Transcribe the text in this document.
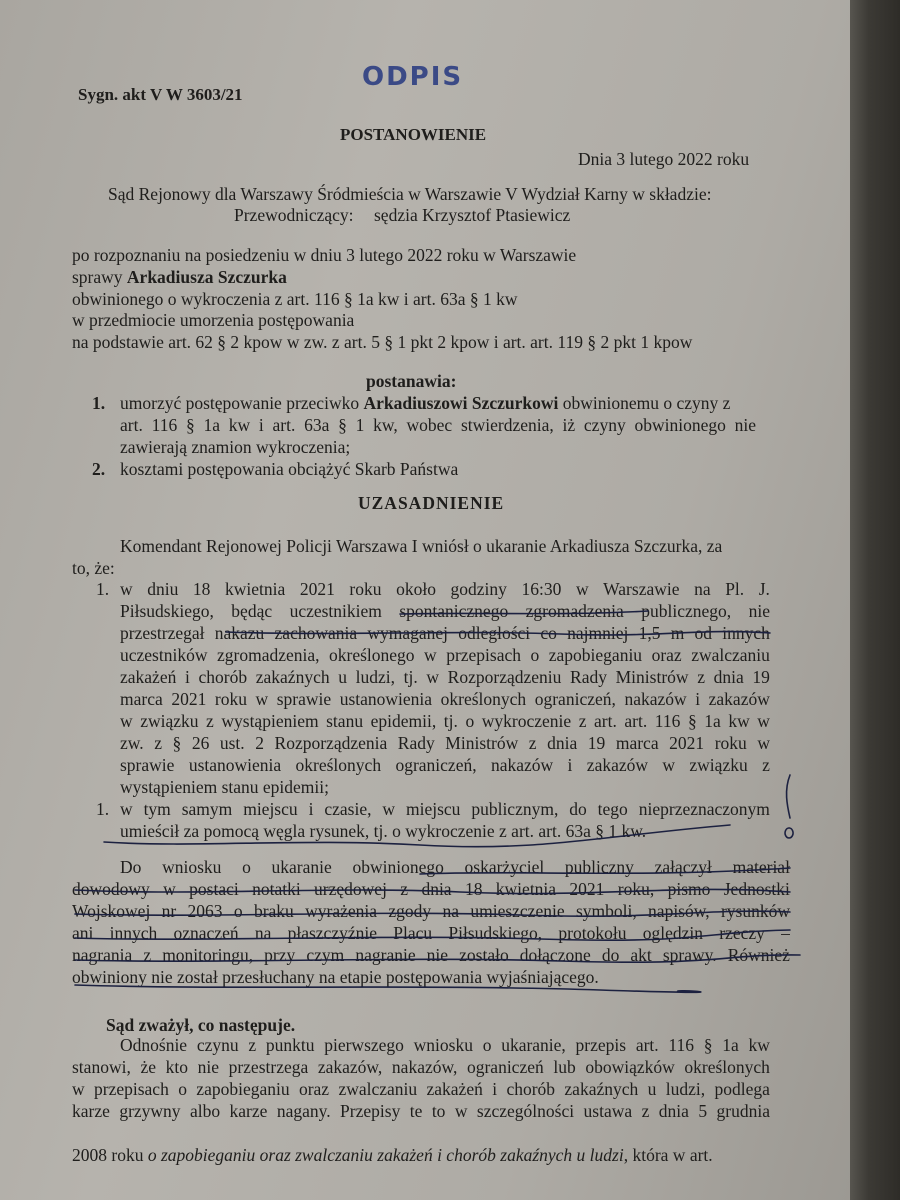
Sygn. akt V W 3603/21
ODPIS
POSTANOWIENIE
Dnia 3 lutego 2022 roku
Sąd Rejonowy dla Warszawy Śródmieścia w Warszawie V Wydział Karny w składzie:
Przewodniczący: sędzia Krzysztof Ptasiewicz
po rozpoznaniu na posiedzeniu w dniu 3 lutego 2022 roku w Warszawie
sprawy Arkadiusza Szczurka
obwinionego o wykroczenia z art. 116 § 1a kw i art. 63a § 1 kw
w przedmiocie umorzenia postępowania
na podstawie art. 62 § 2 kpow w zw. z art. 5 § 1 pkt 2 kpow i art. art. 119 § 2 pkt 1 kpow
postanawia:
1. umorzyć postępowanie przeciwko Arkadiuszowi Szczurkowi obwinionemu o czyny z
art. 116 § 1a kw i art. 63a § 1 kw, wobec stwierdzenia, iż czyny obwinionego nie
zawierają znamion wykroczenia;
2. kosztami postępowania obciążyć Skarb Państwa
UZASADNIENIE
Komendant Rejonowej Policji Warszawa I wniósł o ukaranie Arkadiusza Szczurka, za
to, że:
1. w dniu 18 kwietnia 2021 roku około godziny 16:30 w Warszawie na Pl. J.
Piłsudskiego, będąc uczestnikiem spontanicznego zgromadzenia publicznego, nie
przestrzegał nakazu zachowania wymaganej odległości co najmniej 1,5 m od innych
uczestników zgromadzenia, określonego w przepisach o zapobieganiu oraz zwalczaniu
zakażeń i chorób zakaźnych u ludzi, tj. w Rozporządzeniu Rady Ministrów z dnia 19
marca 2021 roku w sprawie ustanowienia określonych ograniczeń, nakazów i zakazów
w związku z wystąpieniem stanu epidemii, tj. o wykroczenie z art. art. 116 § 1a kw w
zw. z § 26 ust. 2 Rozporządzenia Rady Ministrów z dnia 19 marca 2021 roku w
sprawie ustanowienia określonych ograniczeń, nakazów i zakazów w związku z
wystąpieniem stanu epidemii;
1. w tym samym miejscu i czasie, w miejscu publicznym, do tego nieprzeznaczonym
umieścił za pomocą węgla rysunek, tj. o wykroczenie z art. art. 63a § 1 kw.
Do wniosku o ukaranie obwinionego oskarżyciel publiczny załączył materiał
dowodowy w postaci notatki urzędowej z dnia 18 kwietnia 2021 roku, pismo Jednostki
Wojskowej nr 2063 o braku wyrażenia zgody na umieszczenie symboli, napisów, rysunków
ani innych oznaczeń na płaszczyźnie Placu Piłsudskiego, protokołu oględzin rzeczy –
nagrania z monitoringu, przy czym nagranie nie zostało dołączone do akt sprawy. Również
obwiniony nie został przesłuchany na etapie postępowania wyjaśniającego.
Sąd zważył, co następuje.
Odnośnie czynu z punktu pierwszego wniosku o ukaranie, przepis art. 116 § 1a kw
stanowi, że kto nie przestrzega zakazów, nakazów, ograniczeń lub obowiązków określonych
w przepisach o zapobieganiu oraz zwalczaniu zakażeń i chorób zakaźnych u ludzi, podlega
karze grzywny albo karze nagany. Przepisy te to w szczególności ustawa z dnia 5 grudnia
2008 roku o zapobieganiu oraz zwalczaniu zakażeń i chorób zakaźnych u ludzi, która w art.
